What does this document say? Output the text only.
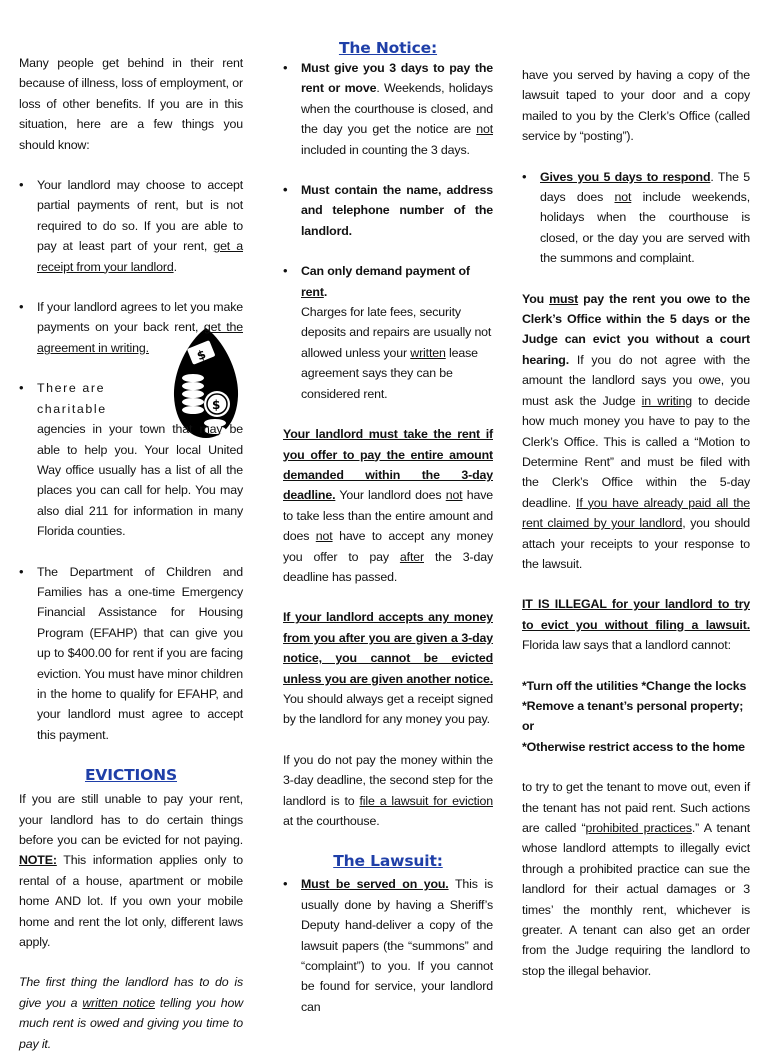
$
$

Many people get behind in their rent because of illness, loss of employment, or loss of other benefits. If you are in this situation, here are a few things you should know:

• Your landlord may choose to accept partial payments of rent, but is not required to do so. If you are able to pay at least part of your rent, get a receipt from your landlord.

• If your landlord agrees to let you make payments on your back rent, get the agreement in writing.

• There are charitable
agencies in your town that may be able to help you. Your local United Way office usually has a list of all the places you can call for help. You may also dial 211 for information in many Florida counties.

• The Department of Children and Families has a one-time Emergency Financial Assistance for Housing Program (EFAHP) that can give you up to $400.00 for rent if you are facing eviction. You must have minor children in the home to qualify for EFAHP, and your landlord must agree to accept this payment.

EVICTIONS

If you are still unable to pay your rent, your landlord has to do certain things before you can be evicted for not paying. NOTE: This information applies only to rental of a house, apartment or mobile home AND lot. If you own your mobile home and rent the lot only, different laws apply.

The first thing the landlord has to do is give you a written notice telling you how much rent is owed and giving you time to pay it.

The Notice:

• Must give you 3 days to pay the rent or move. Weekends, holidays when the courthouse is closed, and the day you get the notice are not included in counting the 3 days.

• Must contain the name, address and telephone number of the landlord.

• Can only demand payment of rent.
Charges for late fees, security deposits and repairs are usually not allowed unless your written lease agreement says they can be considered rent.

Your landlord must take the rent if you offer to pay the entire amount demanded within the 3-day deadline. Your landlord does not have to take less than the entire amount and does not have to accept any money you offer to pay after the 3-day deadline has passed.

If your landlord accepts any money from you after you are given a 3-day notice, you cannot be evicted unless you are given another notice. You should always get a receipt signed by the landlord for any money you pay.

If you do not pay the money within the 3-day deadline, the second step for the landlord is to file a lawsuit for eviction at the courthouse.

The Lawsuit:

• Must be served on you. This is usually done by having a Sheriff’s Deputy hand-deliver a copy of the lawsuit papers (the “summons” and “complaint”) to you. If you cannot be found for service, your landlord can

have you served by having a copy of the lawsuit taped to your door and a copy mailed to you by the Clerk’s Office (called service by “posting”).

• Gives you 5 days to respond. The 5 days does not include weekends, holidays when the courthouse is closed, or the day you are served with the summons and complaint.

You must pay the rent you owe to the Clerk’s Office within the 5 days or the Judge can evict you without a court hearing. If you do not agree with the amount the landlord says you owe, you must ask the Judge in writing to decide how much money you have to pay to the Clerk’s Office. This is called a “Motion to Determine Rent” and must be filed with the Clerk’s Office within the 5-day deadline. If you have already paid all the rent claimed by your landlord, you should attach your receipts to your response to the lawsuit.

IT IS ILLEGAL for your landlord to try to evict you without filing a lawsuit. Florida law says that a landlord cannot:

*Turn off the utilities *Change the locks
*Remove a tenant’s personal property; or
*Otherwise restrict access to the home

to try to get the tenant to move out, even if the tenant has not paid rent. Such actions are called “prohibited practices.” A tenant whose landlord attempts to illegally evict through a prohibited practice can sue the landlord for their actual damages or 3 times’ the monthly rent, whichever is greater. A tenant can also get an order from the Judge requiring the landlord to stop the illegal behavior.
